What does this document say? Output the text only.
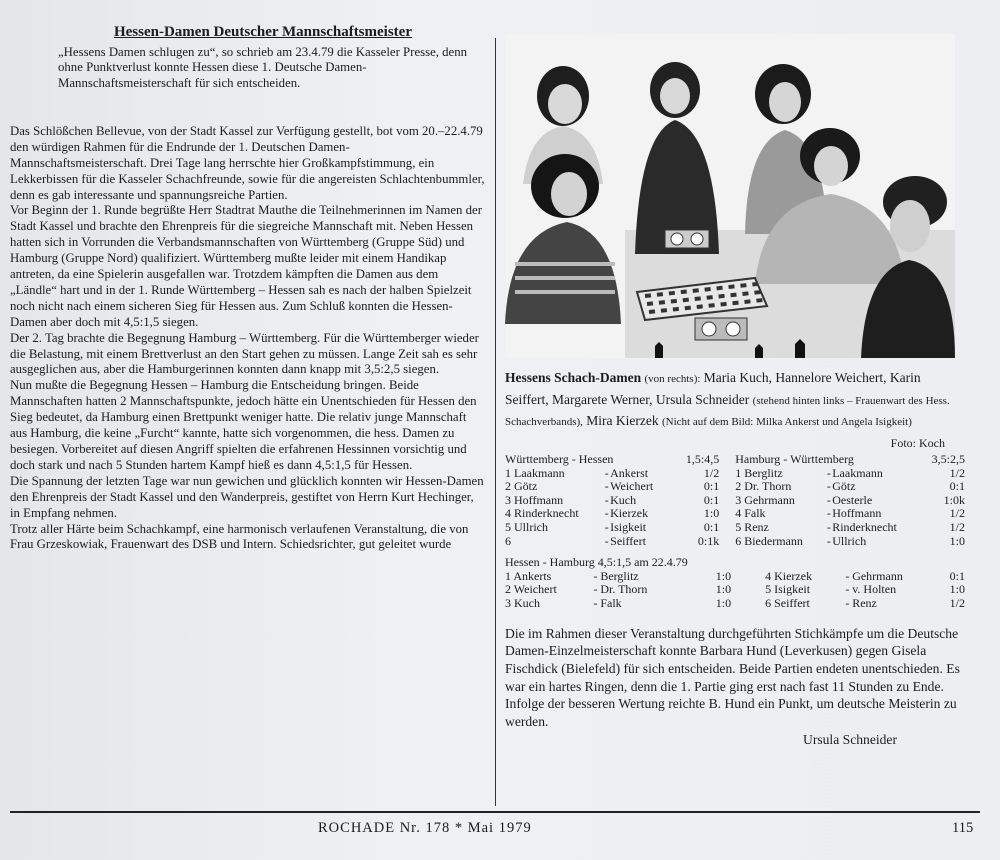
Hessen-Damen Deutscher Mannschaftsmeister
„Hessens Damen schlugen zu“, so schrieb am 23.4.79 die Kasseler Presse, denn ohne Punktverlust konnte Hessen diese 1. Deutsche Damen-Mannschaftsmeisterschaft für sich entscheiden.

Das Schlößchen Bellevue, von der Stadt Kassel zur Verfügung gestellt, bot vom 20.–22.4.79 den würdigen Rahmen für die Endrunde der 1. Deutschen Damen-Mannschaftsmeisterschaft. Drei Tage lang herrschte hier Großkampfstimmung, ein Lekkerbissen für die Kasseler Schachfreunde, sowie für die angereisten Schlachtenbummler, denn es gab interessante und spannungsreiche Partien.

Vor Beginn der 1. Runde begrüßte Herr Stadtrat Mauthe die Teilnehmerinnen im Namen der Stadt Kassel und brachte den Ehrenpreis für die siegreiche Mannschaft mit. Neben Hessen hatten sich in Vorrunden die Verbandsmannschaften von Württemberg (Gruppe Süd) und Hamburg (Gruppe Nord) qualifiziert. Württemberg mußte leider mit einem Handikap antreten, da eine Spielerin ausgefallen war. Trotzdem kämpften die Damen aus dem „Ländle“ hart und in der 1. Runde Württemberg – Hessen sah es nach der halben Spielzeit noch nicht nach einem sicheren Sieg für Hessen aus. Zum Schluß konnten die Hessen-Damen aber doch mit 4,5:1,5 siegen.

Der 2. Tag brachte die Begegnung Hamburg – Württemberg. Für die Württemberger wieder die Belastung, mit einem Brettverlust an den Start gehen zu müssen. Lange Zeit sah es sehr ausgeglichen aus, aber die Hamburgerinnen konnten dann knapp mit 3,5:2,5 siegen.

Nun mußte die Begegnung Hessen – Hamburg die Entscheidung bringen. Beide Mannschaften hatten 2 Mannschaftspunkte, jedoch hätte ein Unentschieden für Hessen den Sieg bedeutet, da Hamburg einen Brettpunkt weniger hatte. Die relativ junge Mannschaft aus Hamburg, die keine „Furcht“ kannte, hatte sich vorgenommen, die hess. Damen zu besiegen. Vorbereitet auf diesen Angriff spielten die erfahrenen Hessinnen vorsichtig und doch stark und nach 5 Stunden hartem Kampf hieß es dann 4,5:1,5 für Hessen.

Die Spannung der letzten Tage war nun gewichen und glücklich konnten wir Hessen-Damen den Ehrenpreis der Stadt Kassel und den Wanderpreis, gestiftet von Herrn Kurt Hechinger, in Empfang nehmen.

Trotz aller Härte beim Schachkampf, eine harmonisch verlaufenen Veranstaltung, die von Frau Grzeskowiak, Frauenwart des DSB und Intern. Schiedsrichter, gut geleitet wurde

Hessens Schach-Damen (von rechts): Maria Kuch, Hannelore Weichert, Karin Seiffert, Margarete Werner, Ursula Schneider (stehend hinten links – Frauenwart des Hess. Schachverbands), Mira Kierzek (Nicht auf dem Bild: Milka Ankerst und Angela Isigkeit)
Foto: Koch
Württemberg - Hessen			1,5:4,5	Hamburg - Württemberg			3,5:2,5
1 Laakmann	-	Ankerst	1/2	1 Berglitz	-	Laakmann	1/2
2 Götz	-	Weichert	0:1	2 Dr. Thorn	-	Götz	0:1
3 Hoffmann	-	Kuch	0:1	3 Gehrmann	-	Oesterle	1:0k
4 Rinderknecht	-	Kierzek	1:0	4 Falk	-	Hoffmann	1/2
5 Ullrich	-	Isigkeit	0:1	5 Renz	-	Rinderknecht	1/2
6	-	Seiffert	0:1k	6 Biedermann	-	Ullrich	1:0

Hessen - Hamburg 4,5:1,5 am 22.4.79							
1 Ankerts	-	Berglitz	1:0	4 Kierzek	-	Gehrmann	0:1
2 Weichert	-	Dr. Thorn	1:0	5 Isigkeit	-	v. Holten	1:0
3 Kuch	-	Falk	1:0	6 Seiffert	-	Renz	1/2

Die im Rahmen dieser Veranstaltung durchgeführten Stichkämpfe um die Deutsche Damen-Einzelmeisterschaft konnte Barbara Hund (Leverkusen) gegen Gisela Fischdick (Bielefeld) für sich entscheiden. Beide Partien endeten unentschieden. Es war ein hartes Ringen, denn die 1. Partie ging erst nach fast 11 Stunden zu Ende. Infolge der besseren Wertung reichte B. Hund ein Punkt, um deutsche Meisterin zu werden.

Ursula Schneider

ROCHADE Nr. 178 * Mai 1979	115
